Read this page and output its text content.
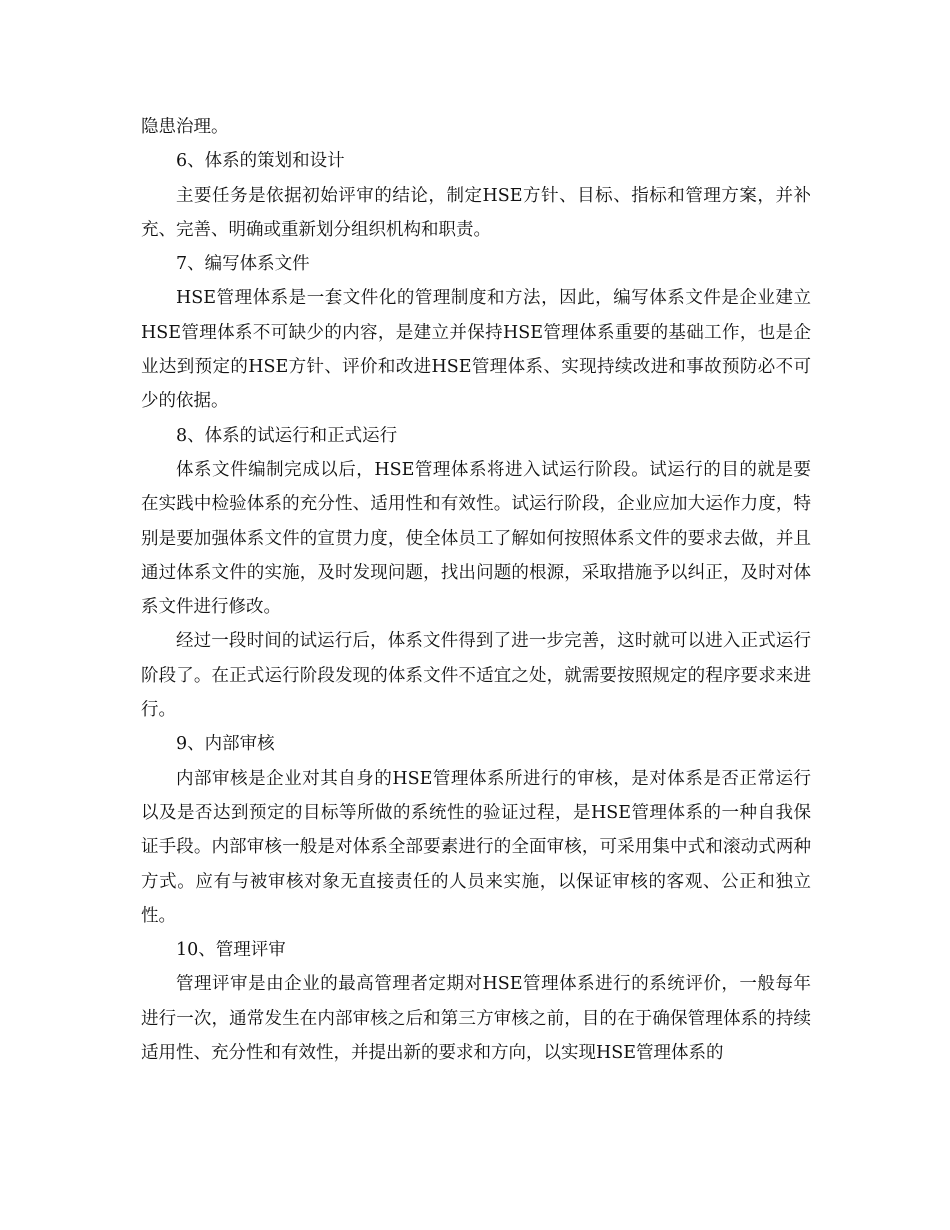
隐患治理。

6、体系的策划和设计

主要任务是依据初始评审的结论，制定HSE方针、目标、指标和管理方案，并补充、完善、明确或重新划分组织机构和职责。

7、编写体系文件

HSE管理体系是一套文件化的管理制度和方法，因此，编写体系文件是企业建立HSE管理体系不可缺少的内容，是建立并保持HSE管理体系重要的基础工作，也是企业达到预定的HSE方针、评价和改进HSE管理体系、实现持续改进和事故预防必不可少的依据。

8、体系的试运行和正式运行

体系文件编制完成以后，HSE管理体系将进入试运行阶段。试运行的目的就是要在实践中检验体系的充分性、适用性和有效性。试运行阶段，企业应加大运作力度，特别是要加强体系文件的宣贯力度，使全体员工了解如何按照体系文件的要求去做，并且通过体系文件的实施，及时发现问题，找出问题的根源，采取措施予以纠正，及时对体系文件进行修改。

经过一段时间的试运行后，体系文件得到了进一步完善，这时就可以进入正式运行阶段了。在正式运行阶段发现的体系文件不适宜之处，就需要按照规定的程序要求来进行。

9、内部审核

内部审核是企业对其自身的HSE管理体系所进行的审核，是对体系是否正常运行以及是否达到预定的目标等所做的系统性的验证过程，是HSE管理体系的一种自我保证手段。内部审核一般是对体系全部要素进行的全面审核，可采用集中式和滚动式两种方式。应有与被审核对象无直接责任的人员来实施，以保证审核的客观、公正和独立性。

10、管理评审

管理评审是由企业的最高管理者定期对HSE管理体系进行的系统评价，一般每年进行一次，通常发生在内部审核之后和第三方审核之前，目的在于确保管理体系的持续适用性、充分性和有效性，并提出新的要求和方向，以实现HSE管理体系的
